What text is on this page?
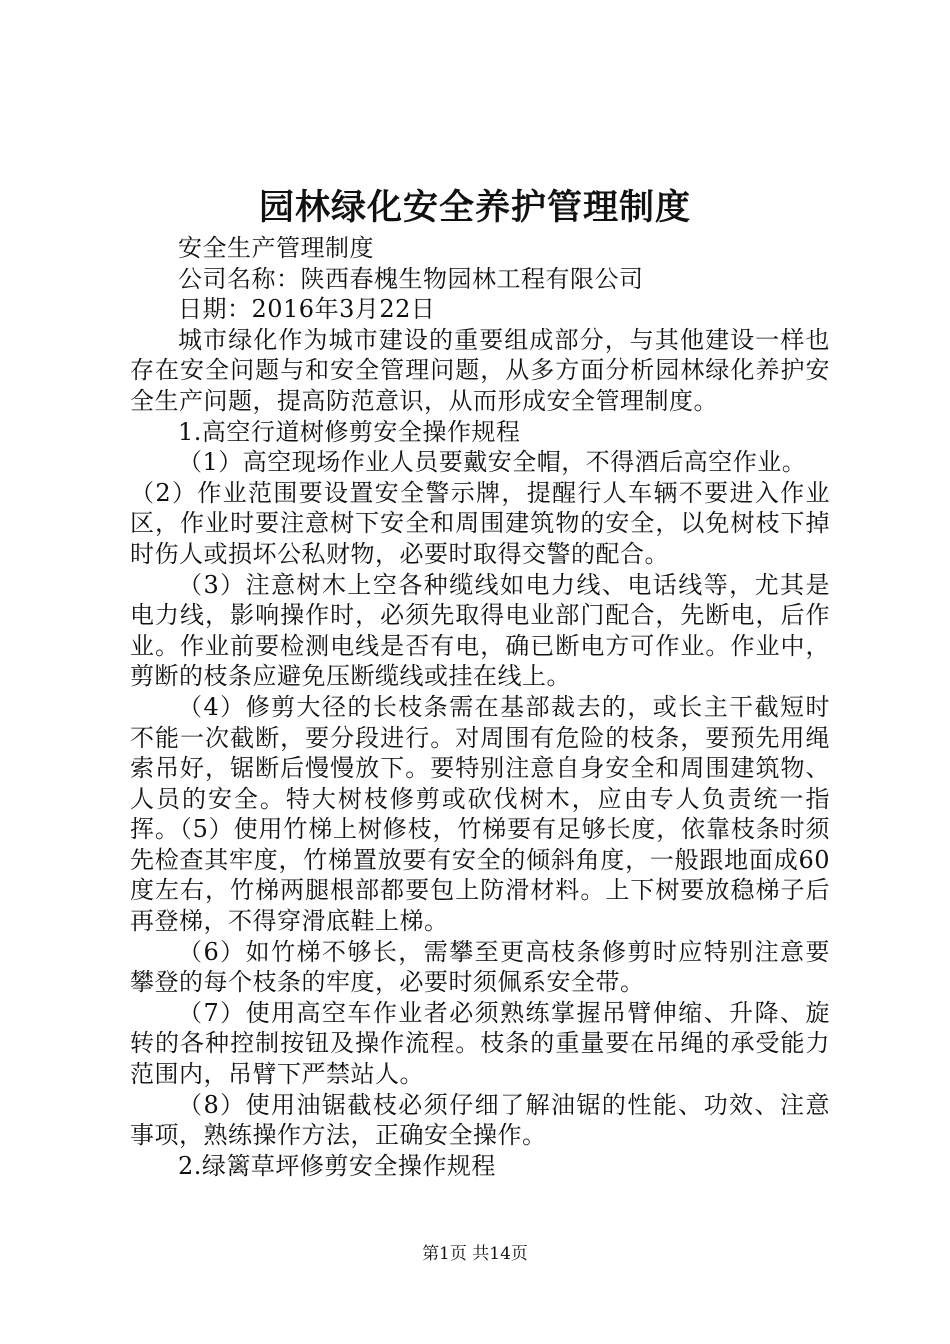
园林绿化安全养护管理制度

安全生产管理制度

公司名称：陕西春槐生物园林工程有限公司

日期：2016年3月22日

城市绿化作为城市建设的重要组成部分，与其他建设一样也存在安全问题与和安全管理问题，从多方面分析园林绿化养护安全生产问题，提高防范意识，从而形成安全管理制度。

1.高空行道树修剪安全操作规程

（1）高空现场作业人员要戴安全帽，不得酒后高空作业。

（2）作业范围要设置安全警示牌，提醒行人车辆不要进入作业区，作业时要注意树下安全和周围建筑物的安全，以免树枝下掉时伤人或损坏公私财物，必要时取得交警的配合。

（3）注意树木上空各种缆线如电力线、电话线等，尤其是电力线，影响操作时，必须先取得电业部门配合，先断电，后作业。作业前要检测电线是否有电，确已断电方可作业。作业中，剪断的枝条应避免压断缆线或挂在线上。

（4）修剪大径的长枝条需在基部裁去的，或长主干截短时不能一次截断，要分段进行。对周围有危险的枝条，要预先用绳索吊好，锯断后慢慢放下。要特别注意自身安全和周围建筑物、人员的安全。特大树枝修剪或砍伐树木，应由专人负责统一指挥。（5）使用竹梯上树修枝，竹梯要有足够长度，依靠枝条时须先检查其牢度，竹梯置放要有安全的倾斜角度，一般跟地面成60度左右，竹梯两腿根部都要包上防滑材料。上下树要放稳梯子后再登梯，不得穿滑底鞋上梯。

（6）如竹梯不够长，需攀至更高枝条修剪时应特别注意要攀登的每个枝条的牢度，必要时须佩系安全带。

（7）使用高空车作业者必须熟练掌握吊臂伸缩、升降、旋转的各种控制按钮及操作流程。枝条的重量要在吊绳的承受能力范围内，吊臂下严禁站人。

（8）使用油锯截枝必须仔细了解油锯的性能、功效、注意事项，熟练操作方法，正确安全操作。

2.绿篱草坪修剪安全操作规程

第1页 共14页
